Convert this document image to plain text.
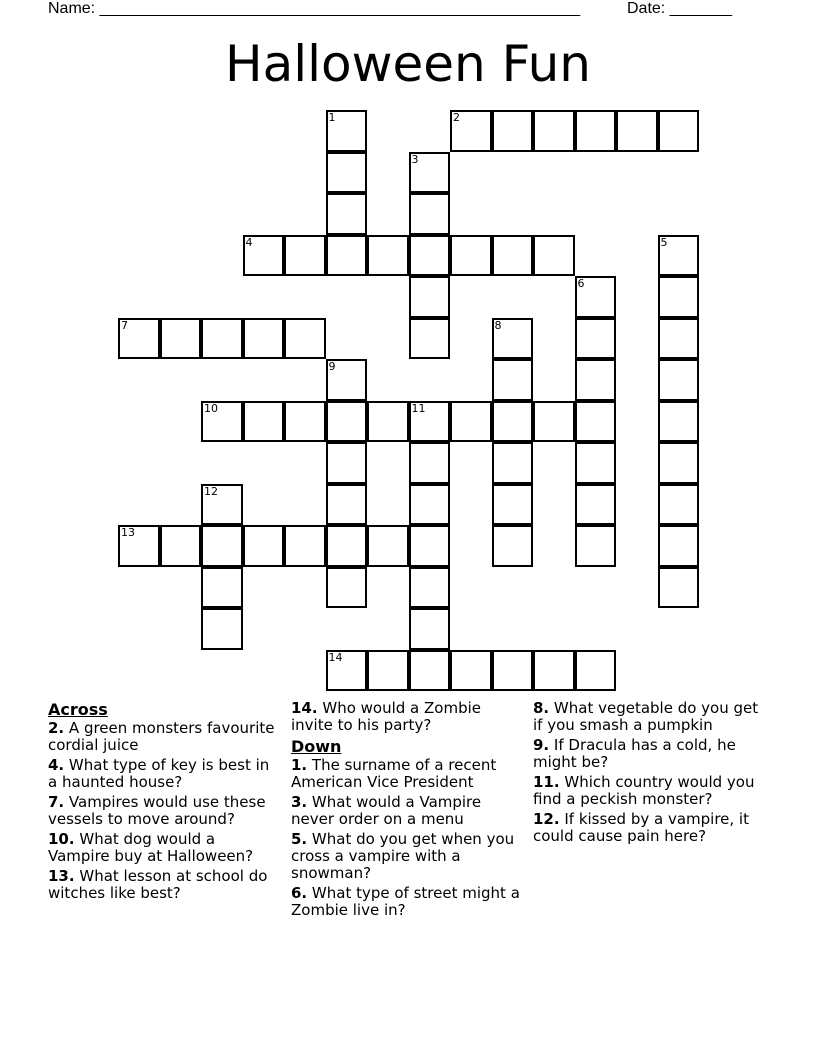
Name: ______________________________________________________	Date: _______
Halloween Fun
1	2
3
4	5
6
7	8
9
10	11
12
13
14
Across
2. A green monsters favourite cordial juice
4. What type of key is best in a haunted house?
7. Vampires would use these vessels to move around?
10. What dog would a Vampire buy at Halloween?
13. What lesson at school do witches like best?
14. Who would a Zombie invite to his party?
Down
1. The surname of a recent American Vice President
3. What would a Vampire never order on a menu
5. What do you get when you cross a vampire with a snowman?
6. What type of street might a Zombie live in?
8. What vegetable do you get if you smash a pumpkin
9. If Dracula has a cold, he might be?
11. Which country would you find a peckish monster?
12. If kissed by a vampire, it could cause pain here?
